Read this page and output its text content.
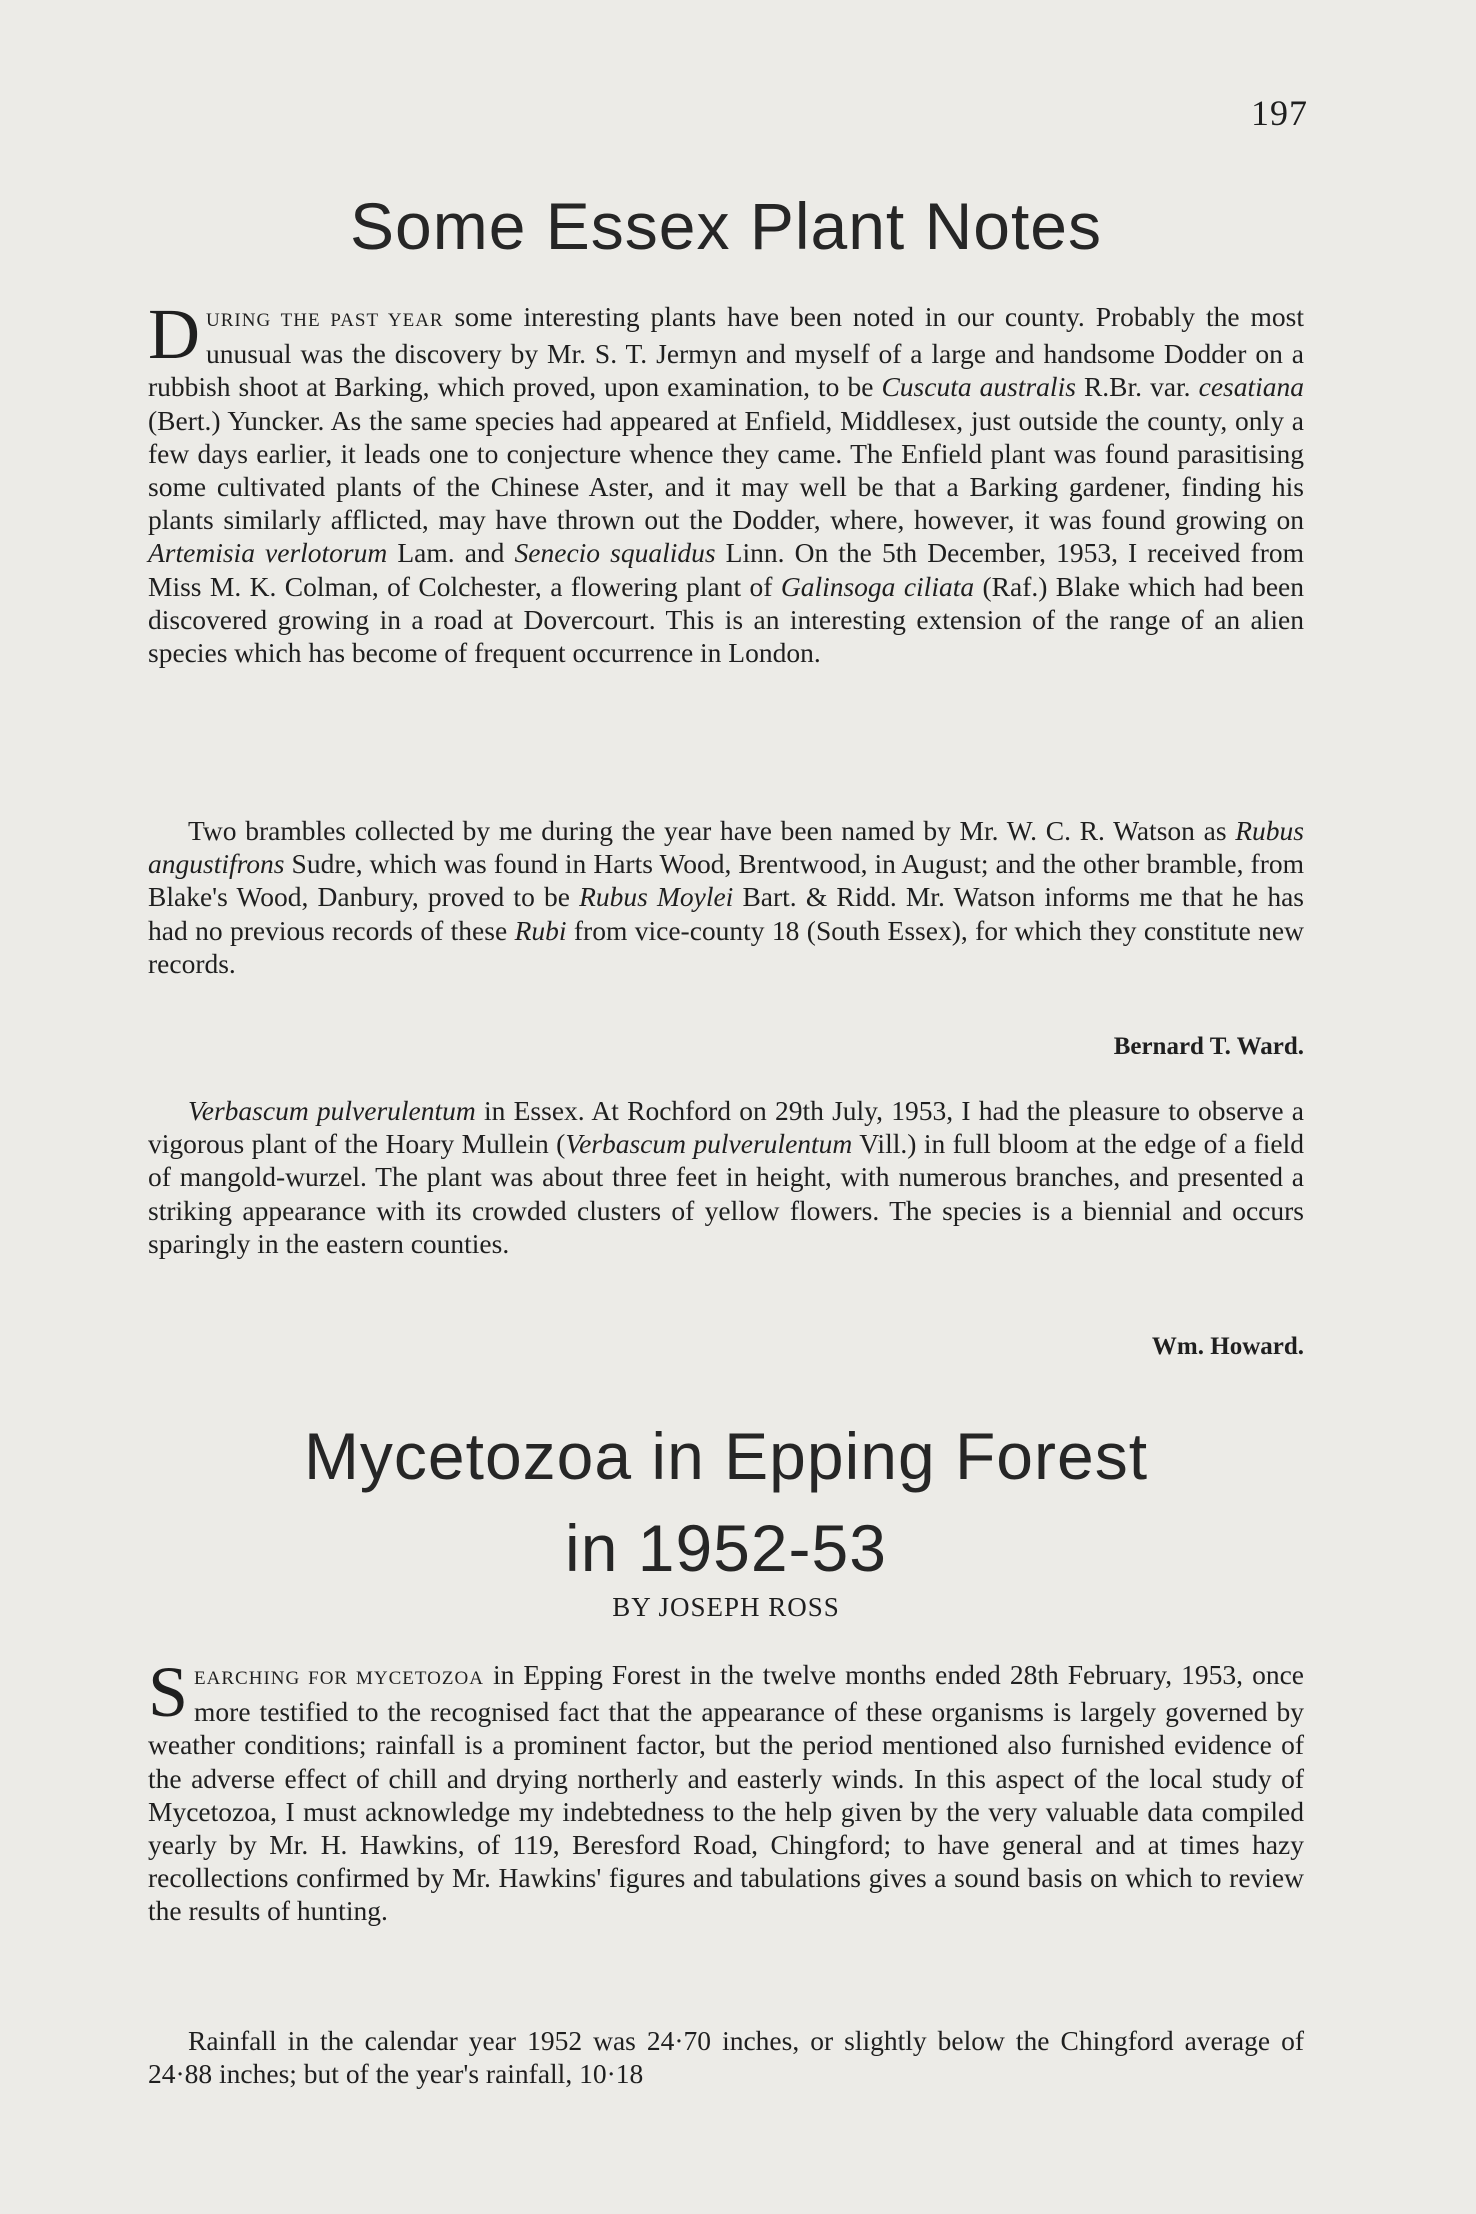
197
Some Essex Plant Notes

DURING THE PAST YEAR some interesting plants have been noted in our county. Probably the most unusual was the discovery by Mr. S. T. Jermyn and myself of a large and handsome Dodder on a rubbish shoot at Barking, which proved, upon examination, to be Cuscuta australis R.Br. var. cesatiana (Bert.) Yuncker. As the same species had appeared at Enfield, Middlesex, just outside the county, only a few days earlier, it leads one to conjecture whence they came. The Enfield plant was found parasitising some cultivated plants of the Chinese Aster, and it may well be that a Barking gardener, finding his plants similarly afflicted, may have thrown out the Dodder, where, however, it was found growing on Artemisia verlotorum Lam. and Senecio squalidus Linn. On the 5th December, 1953, I received from Miss M. K. Colman, of Colchester, a flowering plant of Galinsoga ciliata (Raf.) Blake which had been discovered growing in a road at Dovercourt. This is an interesting extension of the range of an alien species which has become of frequent occurrence in London.

Two brambles collected by me during the year have been named by Mr. W. C. R. Watson as Rubus angustifrons Sudre, which was found in Harts Wood, Brentwood, in August; and the other bramble, from Blake's Wood, Danbury, proved to be Rubus Moylei Bart. & Ridd. Mr. Watson informs me that he has had no previous records of these Rubi from vice-county 18 (South Essex), for which they constitute new records.

Bernard T. Ward.

Verbascum pulverulentum in Essex. At Rochford on 29th July, 1953, I had the pleasure to observe a vigorous plant of the Hoary Mullein (Verbascum pulverulentum Vill.) in full bloom at the edge of a field of mangold-wurzel. The plant was about three feet in height, with numerous branches, and presented a striking appearance with its crowded clusters of yellow flowers. The species is a biennial and occurs sparingly in the eastern counties.

Wm. Howard.

Mycetozoa in Epping Forest
in 1952-53
BY JOSEPH ROSS

SEARCHING FOR MYCETOZOA in Epping Forest in the twelve months ended 28th February, 1953, once more testified to the recognised fact that the appearance of these organisms is largely governed by weather conditions; rainfall is a prominent factor, but the period mentioned also furnished evidence of the adverse effect of chill and drying northerly and easterly winds. In this aspect of the local study of Mycetozoa, I must acknowledge my indebtedness to the help given by the very valuable data compiled yearly by Mr. H. Hawkins, of 119, Beresford Road, Chingford; to have general and at times hazy recollections confirmed by Mr. Hawkins' figures and tabulations gives a sound basis on which to review the results of hunting.

Rainfall in the calendar year 1952 was 24·70 inches, or slightly below the Chingford average of 24·88 inches; but of the year's rainfall, 10·18
